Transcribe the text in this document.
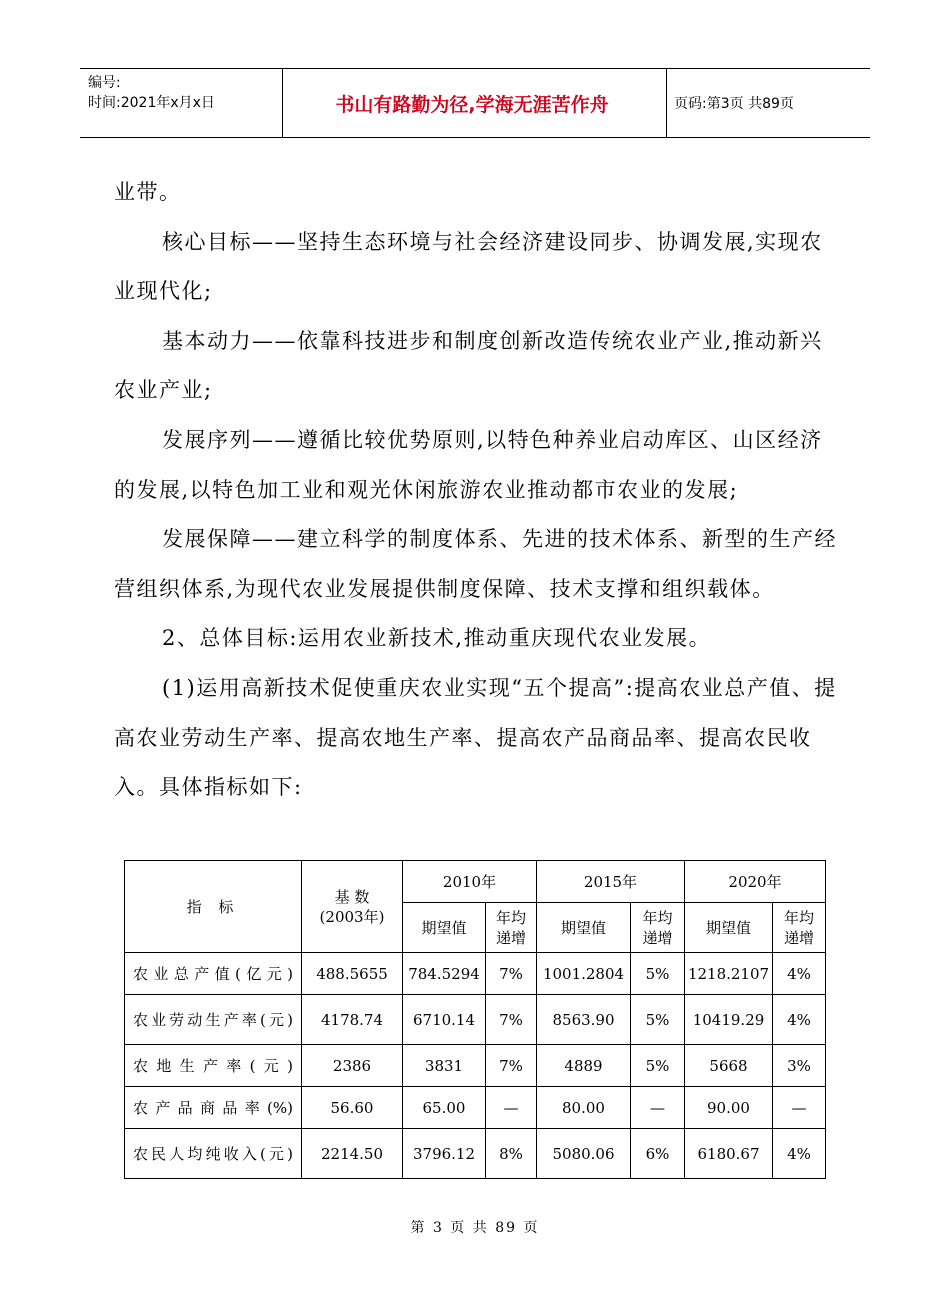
编号:
时间:2021年x月x日	书山有路勤为径,学海无涯苦作舟	页码:第3页 共89页

业带。

核心目标——坚持生态环境与社会经济建设同步、协调发展,实现农业现代化;

基本动力——依靠科技进步和制度创新改造传统农业产业,推动新兴农业产业;

发展序列——遵循比较优势原则,以特色种养业启动库区、山区经济的发展,以特色加工业和观光休闲旅游农业推动都市农业的发展;

发展保障——建立科学的制度体系、先进的技术体系、新型的生产经营组织体系,为现代农业发展提供制度保障、技术支撑和组织载体。

2、总体目标:运用农业新技术,推动重庆现代农业发展。

(1)运用高新技术促使重庆农业实现“五个提高”:提高农业总产值、提高农业劳动生产率、提高农地生产率、提高农产品商品率、提高农民收入。具体指标如下:

指 标	基 数(2003年)	2010年		2015年		2020年	
		期望值	年均递增	期望值	年均递增	期望值	年均递增
农业总产值(亿元)	488.5655	784.5294	7%	1001.2804	5%	1218.2107	4%
农业劳动生产率(元)	4178.74	6710.14	7%	8563.90	5%	10419.29	4%
农地生产率(元)	2386	3831	7%	4889	5%	5668	3%
农产品商品率(%)	56.60	65.00	—	80.00	—	90.00	—
农民人均纯收入(元)	2214.50	3796.12	8%	5080.06	6%	6180.67	4%
第 3 页 共 89 页
